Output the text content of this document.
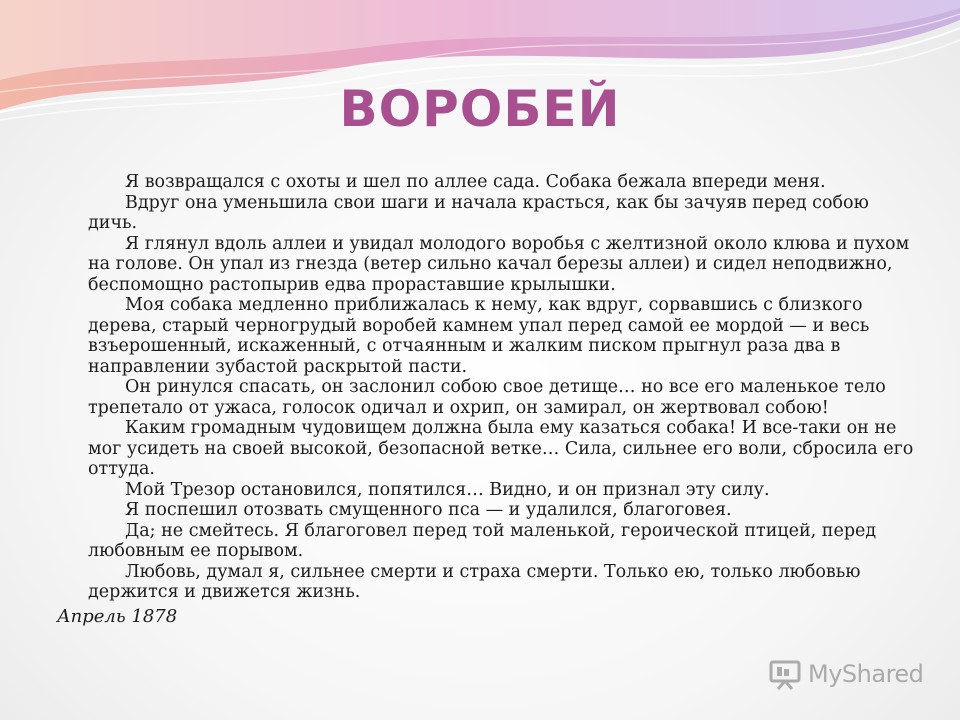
ВОРОБЕЙ

Я возвращался с охоты и шел по аллее сада. Собака бежала впереди меня.

Вдруг она уменьшила свои шаги и начала красться, как бы зачуяв перед собою дичь.

Я глянул вдоль аллеи и увидал молодого воробья с желтизной около клюва и пухом на голове. Он упал из гнезда (ветер сильно качал березы аллеи) и сидел неподвижно, беспомощно растопырив едва прораставшие крылышки.

Моя собака медленно приближалась к нему, как вдруг, сорвавшись с близкого дерева, старый черногрудый воробей камнем упал перед самой ее мордой — и весь взъерошенный, искаженный, с отчаянным и жалким писком прыгнул раза два в направлении зубастой раскрытой пасти.

Он ринулся спасать, он заслонил собою свое детище… но все его маленькое тело трепетало от ужаса, голосок одичал и охрип, он замирал, он жертвовал собою!

Каким громадным чудовищем должна была ему казаться собака! И все-таки он не мог усидеть на своей высокой, безопасной ветке… Сила, сильнее его воли, сбросила его оттуда.

Мой Трезор остановился, попятился… Видно, и он признал эту силу.

Я поспешил отозвать смущенного пса — и удалился, благоговея.

Да; не смейтесь. Я благоговел перед той маленькой, героической птицей, перед любовным ее порывом.

Любовь, думал я, сильнее смерти и страха смерти. Только ею, только любовью держится и движется жизнь.

Апрель 1878
MyShared
